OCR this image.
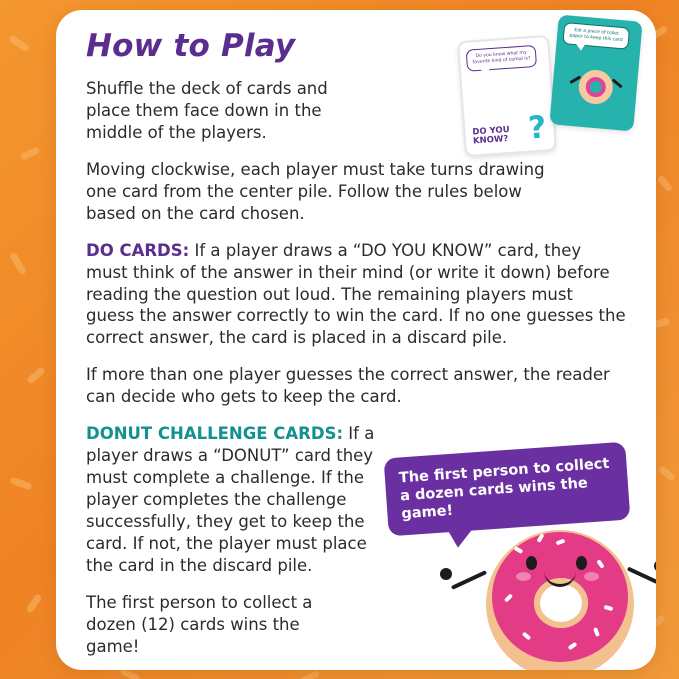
How to Play

Shuffle the deck of cards and place them face down in the middle of the players.

Moving clockwise, each player must take turns drawing one card from the center pile. Follow the rules below based on the card chosen.

DO CARDS: If a player draws a “DO YOU KNOW” card, they must think of the answer in their mind (or write it down) before reading the question out loud. The remaining players must guess the answer correctly to win the card. If no one guesses the correct answer, the card is placed in a discard pile.

If more than one player guesses the correct answer, the reader can decide who gets to keep the card.

DONUT CHALLENGE CARDS: If a player draws a “DONUT” card they must complete a challenge. If the player completes the challenge successfully, they get to keep the card. If not, the player must place the card in the discard pile.

The first person to collect a dozen (12) cards wins the game!

Do you know what my favorite kind of cereal is?
DO YOU KNOW? ?
Eat a piece of toilet paper to keep this card
The first person to collect a dozen cards wins the game!
